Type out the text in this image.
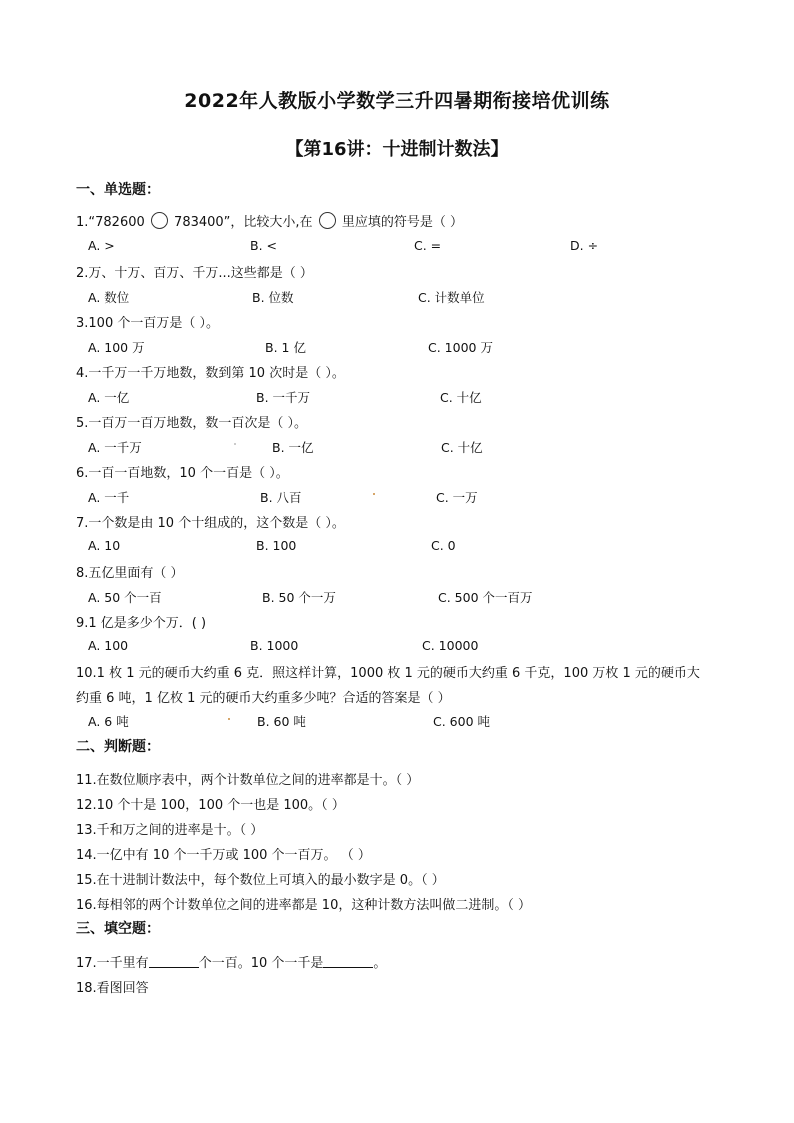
2022年人教版小学数学三升四暑期衔接培优训练
【第16讲：十进制计数法】
一、单选题：
1.“782600 783400”，比较大小,在 里应填的符号是（ ）
A. >	B. <	C. =	D. ÷
2.万、十万、百万、千万...这些都是（ ）
A. 数位	B. 位数	C. 计数单位
3.100 个一百万是（ ）。
A. 100 万	B. 1 亿	C. 1000 万
4.一千万一千万地数，数到第 10 次时是（ ）。
A. 一亿	B. 一千万	C. 十亿
5.一百万一百万地数，数一百次是（ ）。
A. 一千万	B. 一亿	C. 十亿
6.一百一百地数，10 个一百是（ ）。
A. 一千	B. 八百	C. 一万
7.一个数是由 10 个十组成的，这个数是（ ）。
A. 10	B. 100	C. 0
8.五亿里面有（ ）
A. 50 个一百	B. 50 个一万	C. 500 个一百万
9.1 亿是多少个万．( )
A. 100	B. 1000	C. 10000
10.1 枚 1 元的硬币大约重 6 克．照这样计算，1000 枚 1 元的硬币大约重 6 千克，100 万枚 1 元的硬币大
约重 6 吨，1 亿枚 1 元的硬币大约重多少吨？合适的答案是（ ）
A. 6 吨	B. 60 吨	C. 600 吨
二、判断题：
11.在数位顺序表中，两个计数单位之间的进率都是十。（ ）
12.10 个十是 100，100 个一也是 100。（ ）
13.千和万之间的进率是十。（ ）
14.一亿中有 10 个一千万或 100 个一百万。 （ ）
15.在十进制计数法中，每个数位上可填入的最小数字是 0。（ ）
16.每相邻的两个计数单位之间的进率都是 10，这种计数方法叫做二进制。（ ）
三、填空题：
17.一千里有	个一百。10 个一千是	。
18.看图回答
